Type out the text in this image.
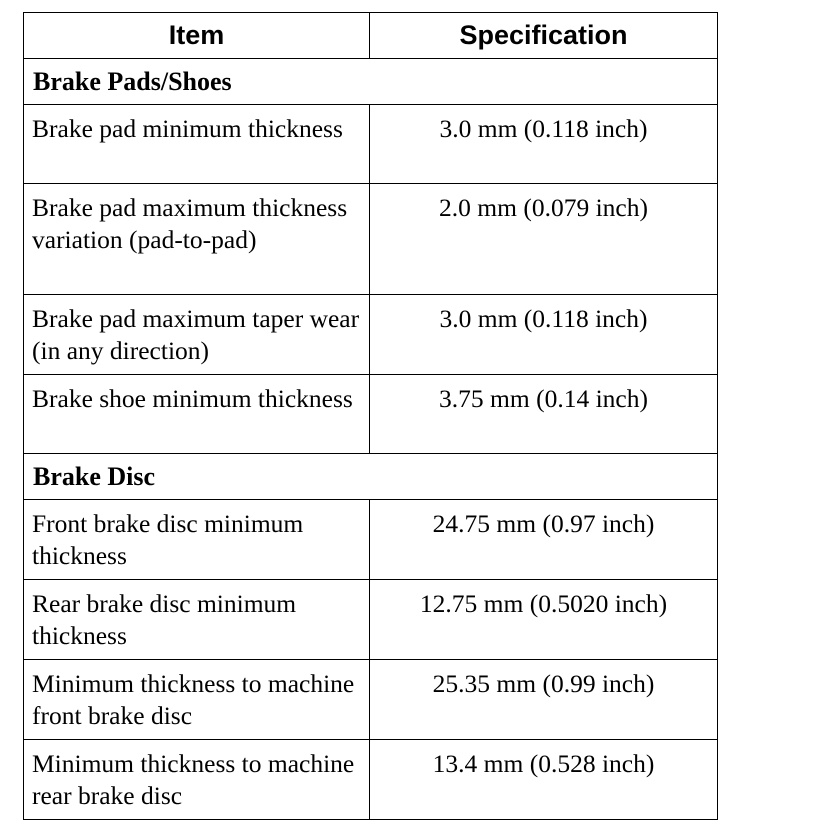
Item	Specification
Brake Pads/Shoes	
Brake pad minimum thickness	3.0 mm (0.118 inch)
Brake pad maximum thickness variation (pad-to-pad)	2.0 mm (0.079 inch)
Brake pad maximum taper wear (in any direction)	3.0 mm (0.118 inch)
Brake shoe minimum thickness	3.75 mm (0.14 inch)
Brake Disc	
Front brake disc minimum thickness	24.75 mm (0.97 inch)
Rear brake disc minimum thickness	12.75 mm (0.5020 inch)
Minimum thickness to machine front brake disc	25.35 mm (0.99 inch)
Minimum thickness to machine rear brake disc	13.4 mm (0.528 inch)
